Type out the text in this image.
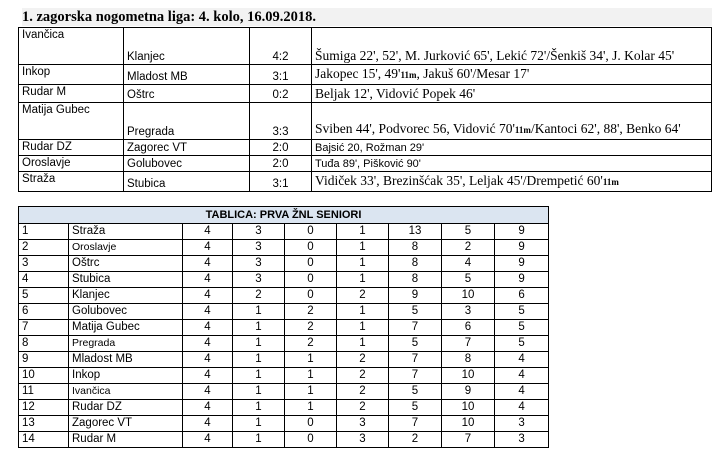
1. zagorska nogometna liga: 4. kolo, 16.09.2018.
Ivančica	Klanjec	4:2	Šumiga 22', 52', M. Jurković 65', Lekić 72'/Šenkiš 34', J. Kolar 45'
Inkop	Mladost MB	3:1	Jakopec 15', 49'11m, Jakuš 60'/Mesar 17'
Rudar M	Oštrc	0:2	Beljak 12', Vidović Popek 46'
Matija Gubec	Pregrada	3:3	Sviben 44', Podvorec 56, Vidović 70'11m/Kantoci 62', 88', Benko 64'
Rudar DZ	Zagorec VT	2:0	Bajsić 20, Rožman 29'
Oroslavje	Golubovec	2:0	Tuđa 89', Pišković 90'
Straža	Stubica	3:1	Vidiček 33', Brezinšćak 35', Leljak 45'/Drempetić 60'11m
TABLICA: PRVA ŽNL SENIORI								
1	Straža	4	3	0	1	13	5	9
2	Oroslavje	4	3	0	1	8	2	9
3	Oštrc	4	3	0	1	8	4	9
4	Stubica	4	3	0	1	8	5	9
5	Klanjec	4	2	0	2	9	10	6
6	Golubovec	4	1	2	1	5	3	5
7	Matija Gubec	4	1	2	1	7	6	5
8	Pregrada	4	1	2	1	5	7	5
9	Mladost MB	4	1	1	2	7	8	4
10	Inkop	4	1	1	2	7	10	4
11	Ivančica	4	1	1	2	5	9	4
12	Rudar DZ	4	1	1	2	5	10	4
13	Zagorec VT	4	1	0	3	7	10	3
14	Rudar M	4	1	0	3	2	7	3
